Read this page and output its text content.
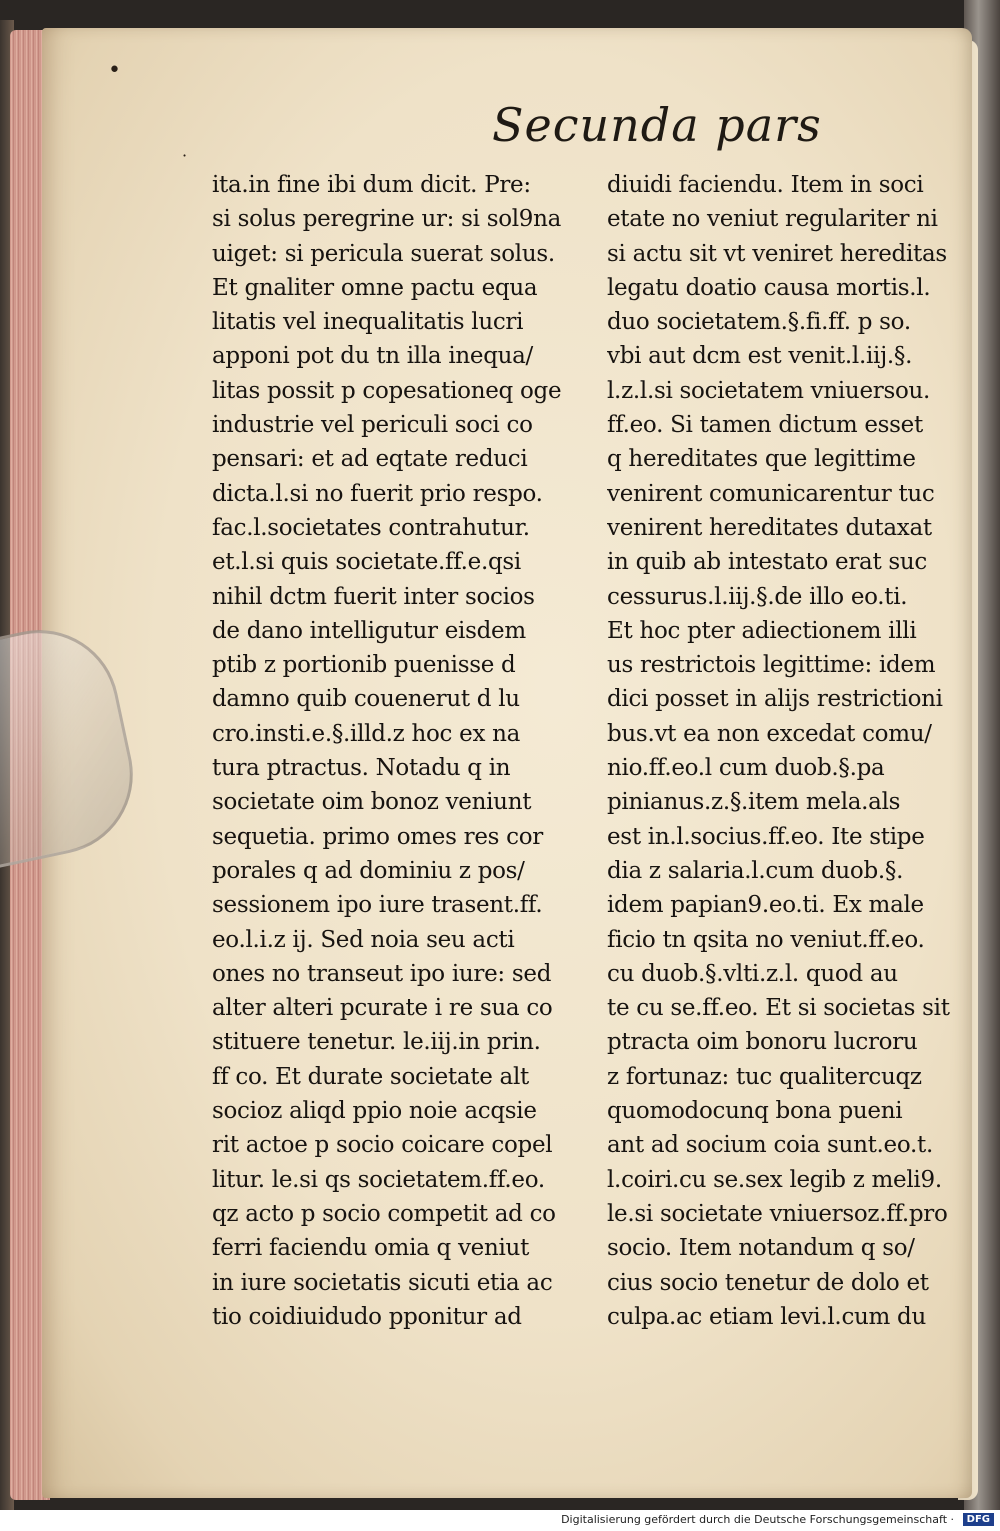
•
·
Secunda pars
ita.in fine ibi dum dicit. Pre:
si solus peregrine ur: si sol9na
uiget: si pericula suerat solus.
Et gnaliter omne pactu equa
litatis vel inequalitatis lucri
apponi pot du tn illa inequa/
litas possit p copesationeq oge
industrie vel periculi soci co
pensari: et ad eqtate reduci
dicta.l.si no fuerit prio respo.
fac.l.societates contrahutur.
et.l.si quis societate.ff.e.qsi
nihil dctm fuerit inter socios
de dano intelligutur eisdem
ptib z portionib puenisse d
damno quib couenerut d lu
cro.insti.e.§.illd.z hoc ex na
tura ptractus. Notadu q in
societate oim bonoz veniunt
sequetia. primo omes res cor
porales q ad dominiu z pos/
sessionem ipo iure trasent.ff.
eo.l.i.z ij. Sed noia seu acti
ones no transeut ipo iure: sed
alter alteri pcurate i re sua co
stituere tenetur. le.iij.in prin.
ff co. Et durate societate alt
socioz aliqd ppio noie acqsie
rit actoe p socio coicare copel
litur. le.si qs societatem.ff.eo.
qz acto p socio competit ad co
ferri faciendu omia q veniut
in iure societatis sicuti etia ac
tio coidiuidudo pponitur ad
diuidi faciendu. Item in soci
etate no veniut regulariter ni
si actu sit vt veniret hereditas
legatu doatio causa mortis.l.
duo societatem.§.fi.ff. p so.
vbi aut dcm est venit.l.iij.§.
l.z.l.si societatem vniuersou.
ff.eo. Si tamen dictum esset
q hereditates que legittime
venirent comunicarentur tuc
venirent hereditates dutaxat
in quib ab intestato erat suc
cessurus.l.iij.§.de illo eo.ti.
Et hoc pter adiectionem illi
us restrictois legittime: idem
dici posset in alijs restrictioni
bus.vt ea non excedat comu/
nio.ff.eo.l cum duob.§.pa
pinianus.z.§.item mela.als
est in.l.socius.ff.eo. Ite stipe
dia z salaria.l.cum duob.§.
idem papian9.eo.ti. Ex male
ficio tn qsita no veniut.ff.eo.
cu duob.§.vlti.z.l. quod au
te cu se.ff.eo. Et si societas sit
ptracta oim bonoru lucroru
z fortunaz: tuc qualitercuqz
quomodocunq bona pueni
ant ad socium coia sunt.eo.t.
l.coiri.cu se.sex legib z meli9.
le.si societate vniuersoz.ff.pro
socio. Item notandum q so/
cius socio tenetur de dolo et
culpa.ac etiam levi.l.cum du
Digitalisierung gefördert durch die Deutsche Forschungsgemeinschaft ·	DFG
